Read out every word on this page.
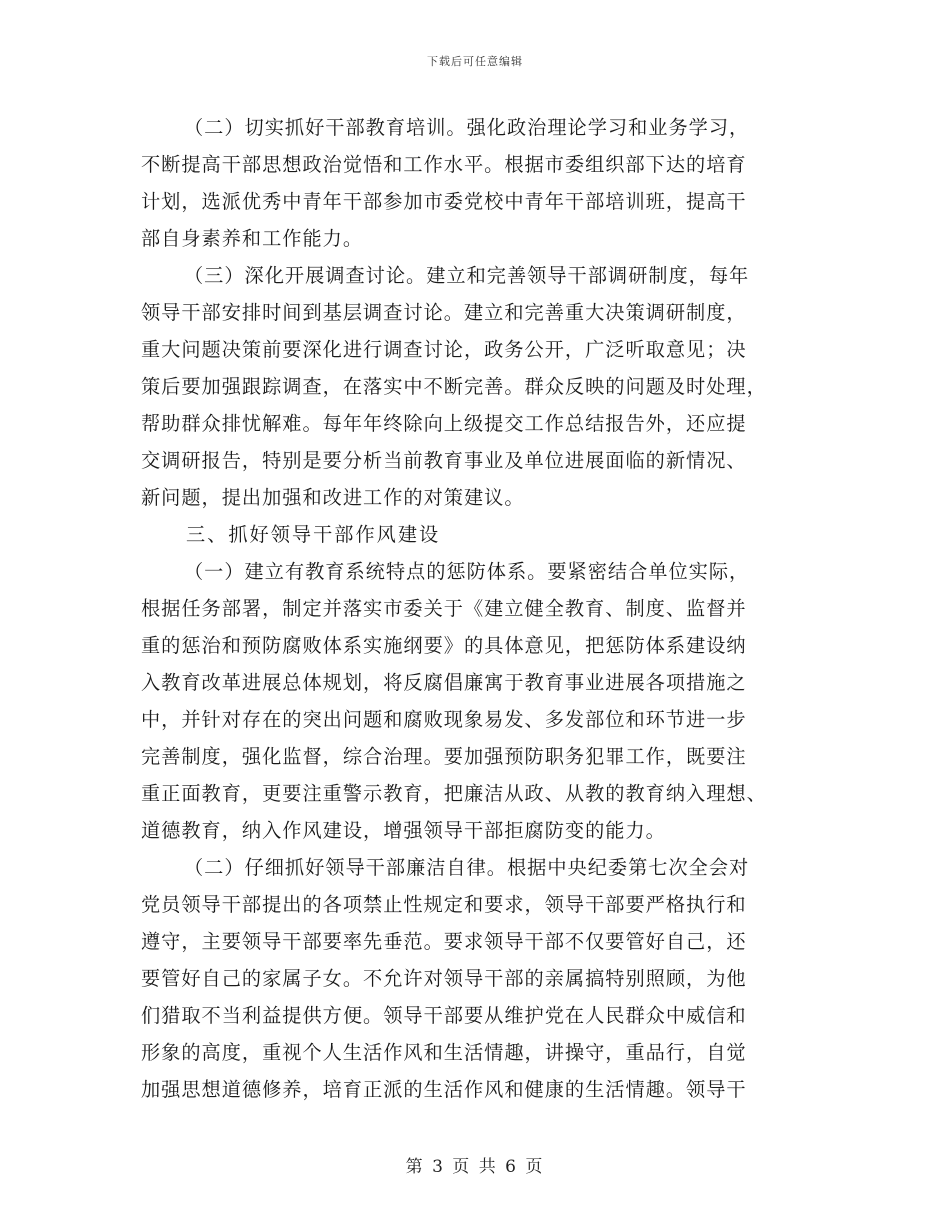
下载后可任意编辑
（二）切实抓好干部教育培训。强化政治理论学习和业务学习，
不断提高干部思想政治觉悟和工作水平。根据市委组织部下达的培育
计划，选派优秀中青年干部参加市委党校中青年干部培训班，提高干
部自身素养和工作能力。
（三）深化开展调查讨论。建立和完善领导干部调研制度，每年
领导干部安排时间到基层调查讨论。建立和完善重大决策调研制度，
重大问题决策前要深化进行调查讨论，政务公开，广泛听取意见；决
策后要加强跟踪调查，在落实中不断完善。群众反映的问题及时处理，
帮助群众排忧解难。每年年终除向上级提交工作总结报告外，还应提
交调研报告，特别是要分析当前教育事业及单位进展面临的新情况、
新问题，提出加强和改进工作的对策建议。
三、抓好领导干部作风建设
（一）建立有教育系统特点的惩防体系。要紧密结合单位实际，
根据任务部署，制定并落实市委关于《建立健全教育、制度、监督并
重的惩治和预防腐败体系实施纲要》的具体意见，把惩防体系建设纳
入教育改革进展总体规划，将反腐倡廉寓于教育事业进展各项措施之
中，并针对存在的突出问题和腐败现象易发、多发部位和环节进一步
完善制度，强化监督，综合治理。要加强预防职务犯罪工作，既要注
重正面教育，更要注重警示教育，把廉洁从政、从教的教育纳入理想、
道德教育，纳入作风建设，增强领导干部拒腐防变的能力。
（二）仔细抓好领导干部廉洁自律。根据中央纪委第七次全会对
党员领导干部提出的各项禁止性规定和要求，领导干部要严格执行和
遵守，主要领导干部要率先垂范。要求领导干部不仅要管好自己，还
要管好自己的家属子女。不允许对领导干部的亲属搞特别照顾，为他
们猎取不当利益提供方便。领导干部要从维护党在人民群众中威信和
形象的高度，重视个人生活作风和生活情趣，讲操守，重品行，自觉
加强思想道德修养，培育正派的生活作风和健康的生活情趣。领导干
第 3 页 共 6 页
